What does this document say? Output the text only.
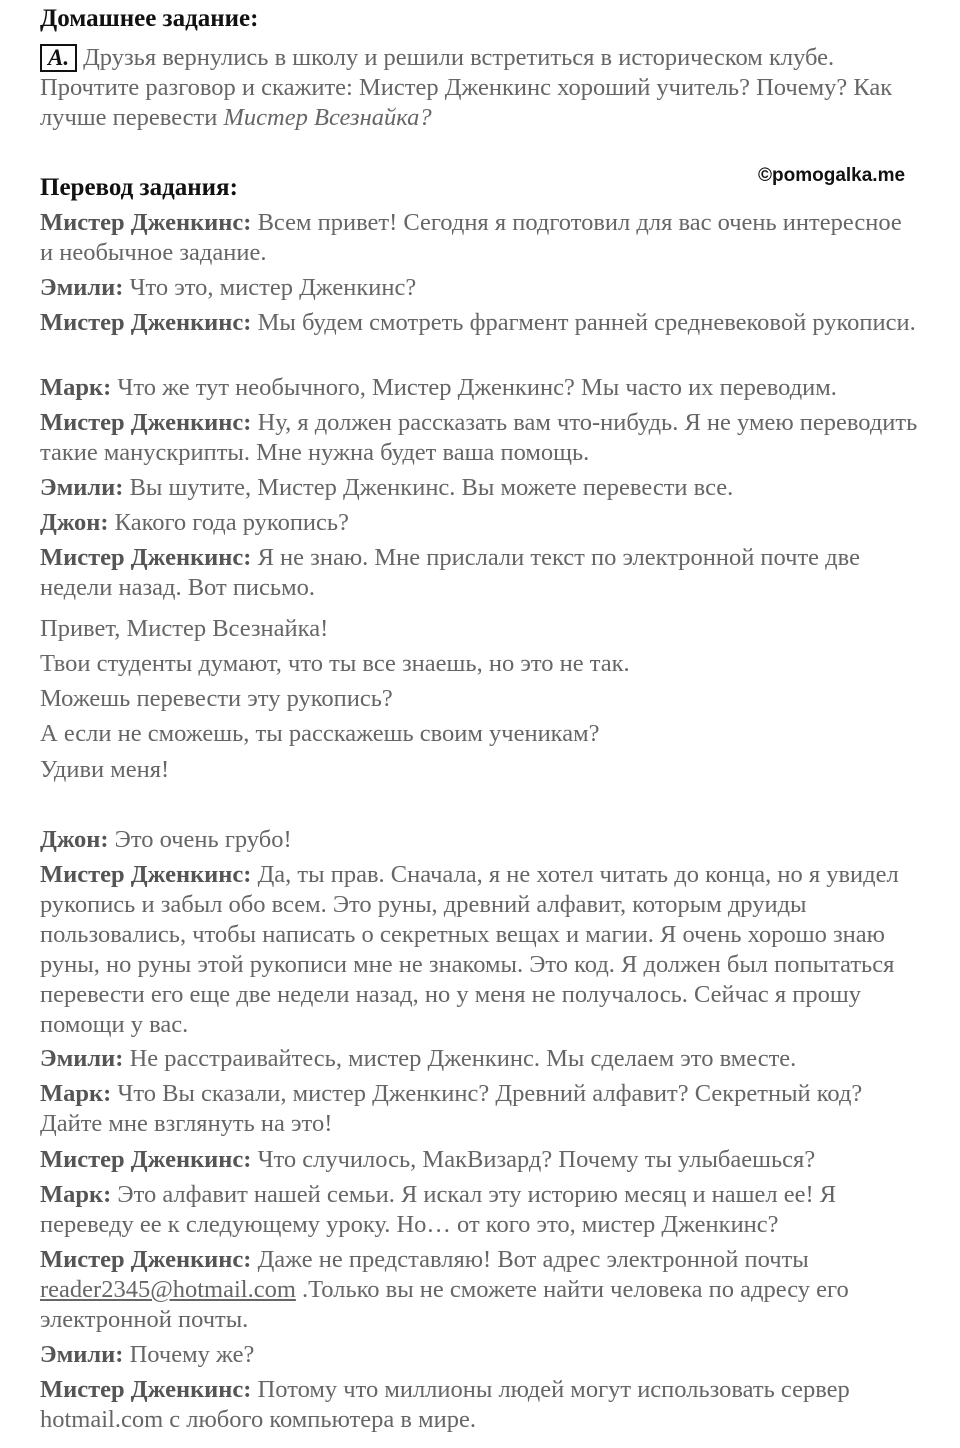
Домашнее задание:

A. Друзья вернулись в школу и решили встретиться в историческом клубе. Прочтите разговор и скажите: Мистер Дженкинс хороший учитель? Почему? Как лучше перевести Мистер Всезнайка?

©pomogalka.me
Перевод задания:

Мистер Дженкинс: Всем привет! Сегодня я подготовил для вас очень интересное и необычное задание.

Эмили: Что это, мистер Дженкинс?

Мистер Дженкинс: Мы будем смотреть фрагмент ранней средневековой рукописи.

Марк: Что же тут необычного, Мистер Дженкинс? Мы часто их переводим.

Мистер Дженкинс: Ну, я должен рассказать вам что-нибудь. Я не умею переводить такие манускрипты. Мне нужна будет ваша помощь.

Эмили: Вы шутите, Мистер Дженкинс. Вы можете перевести все.

Джон: Какого года рукопись?

Мистер Дженкинс: Я не знаю. Мне прислали текст по электронной почте две недели назад. Вот письмо.

Привет, Мистер Всезнайка!

Твои студенты думают, что ты все знаешь, но это не так.

Можешь перевести эту рукопись?

А если не сможешь, ты расскажешь своим ученикам?

Удиви меня!

Джон: Это очень грубо!

Мистер Дженкинс: Да, ты прав. Сначала, я не хотел читать до конца, но я увидел рукопись и забыл обо всем. Это руны, древний алфавит, которым друиды пользовались, чтобы написать о секретных вещах и магии. Я очень хорошо знаю руны, но руны этой рукописи мне не знакомы. Это код. Я должен был попытаться перевести его еще две недели назад, но у меня не получалось. Сейчас я прошу помощи у вас.

Эмили: Не расстраивайтесь, мистер Дженкинс. Мы сделаем это вместе.

Марк: Что Вы сказали, мистер Дженкинс? Древний алфавит? Секретный код? Дайте мне взглянуть на это!

Мистер Дженкинс: Что случилось, МакВизард? Почему ты улыбаешься?

Марк: Это алфавит нашей семьи. Я искал эту историю месяц и нашел ее! Я переведу ее к следующему уроку. Но… от кого это, мистер Дженкинс?

Мистер Дженкинс: Даже не представляю! Вот адрес электронной почты reader2345@hotmail.com .Только вы не сможете найти человека по адресу его электронной почты.

Эмили: Почему же?

Мистер Дженкинс: Потому что миллионы людей могут использовать сервер hotmail.com с любого компьютера в мире.
